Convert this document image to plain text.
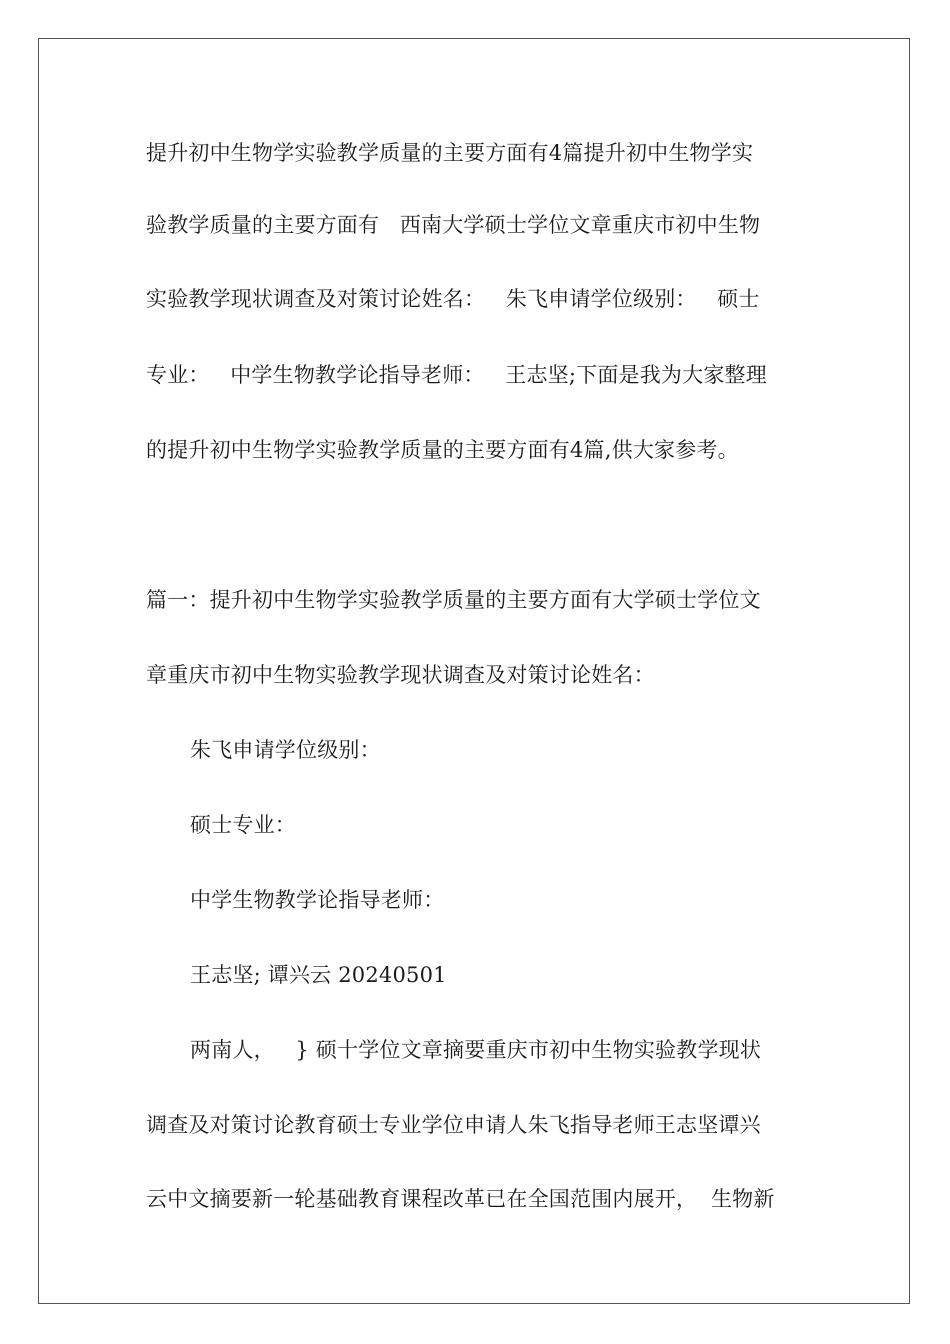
提升初中生物学实验教学质量的主要方面有4篇提升初中生物学实
验教学质量的主要方面有   西南大学硕士学位文章重庆市初中生物
实验教学现状调查及对策讨论姓名：   朱飞申请学位级别：   硕士
专业：   中学生物教学论指导老师：   王志坚;下面是我为大家整理
的提升初中生物学实验教学质量的主要方面有4篇,供大家参考。
篇一：提升初中生物学实验教学质量的主要方面有大学硕士学位文
章重庆市初中生物实验教学现状调查及对策讨论姓名：
朱飞申请学位级别：
硕士专业：
中学生物教学论指导老师：
王志坚; 谭兴云 20240501
两南人，   } 硕十学位文章摘要重庆市初中生物实验教学现状
调查及对策讨论教育硕士专业学位申请人朱飞指导老师王志坚谭兴
云中文摘要新一轮基础教育课程改革已在全国范围内展开，  生物新
